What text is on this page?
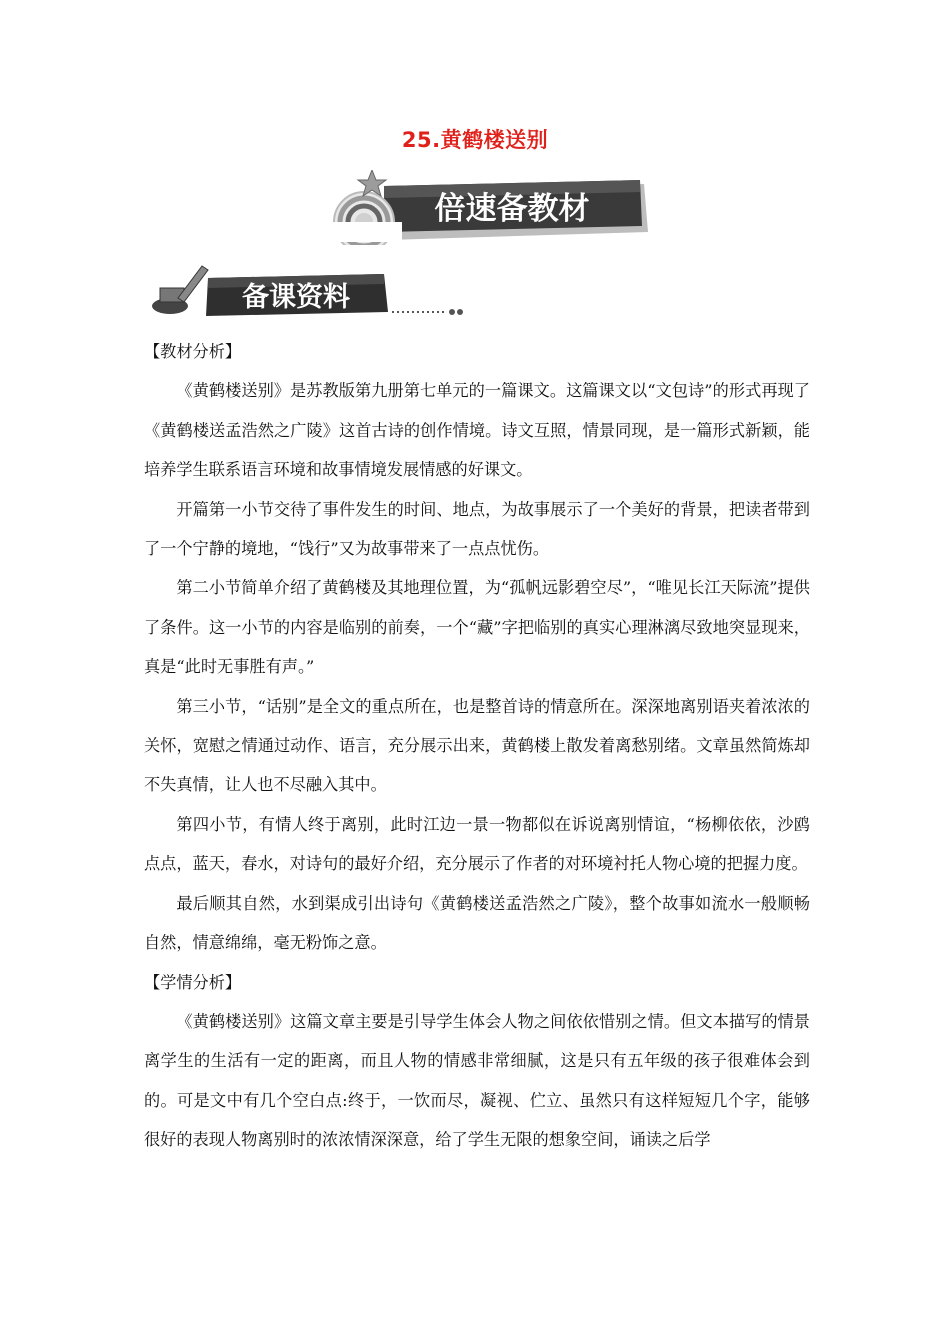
25.黄鹤楼送别
倍速备教材
备课资料

【教材分析】

《黄鹤楼送别》是苏教版第九册第七单元的一篇课文。这篇课文以“文包诗”的形式再现了《黄鹤楼送孟浩然之广陵》这首古诗的创作情境。诗文互照，情景同现，是一篇形式新颖，能培养学生联系语言环境和故事情境发展情感的好课文。

开篇第一小节交待了事件发生的时间、地点，为故事展示了一个美好的背景，把读者带到了一个宁静的境地，“饯行”又为故事带来了一点点忧伤。

第二小节简单介绍了黄鹤楼及其地理位置，为“孤帆远影碧空尽”，“唯见长江天际流”提供了条件。这一小节的内容是临别的前奏，一个“藏”字把临别的真实心理淋漓尽致地突显现来，真是“此时无事胜有声。”

第三小节，“话别”是全文的重点所在，也是整首诗的情意所在。深深地离别语夹着浓浓的关怀，宽慰之情通过动作、语言，充分展示出来，黄鹤楼上散发着离愁别绪。文章虽然简炼却不失真情，让人也不尽融入其中。

第四小节，有情人终于离别，此时江边一景一物都似在诉说离别情谊，“杨柳依依，沙鸥点点，蓝天，春水，对诗句的最好介绍，充分展示了作者的对环境衬托人物心境的把握力度。

最后顺其自然，水到渠成引出诗句《黄鹤楼送孟浩然之广陵》，整个故事如流水一般顺畅自然，情意绵绵，毫无粉饰之意。

【学情分析】

《黄鹤楼送别》这篇文章主要是引导学生体会人物之间依依惜别之情。但文本描写的情景离学生的生活有一定的距离，而且人物的情感非常细腻，这是只有五年级的孩子很难体会到的。可是文中有几个空白点:终于，一饮而尽，凝视、伫立、虽然只有这样短短几个字，能够很好的表现人物离别时的浓浓情深深意，给了学生无限的想象空间，诵读之后学
